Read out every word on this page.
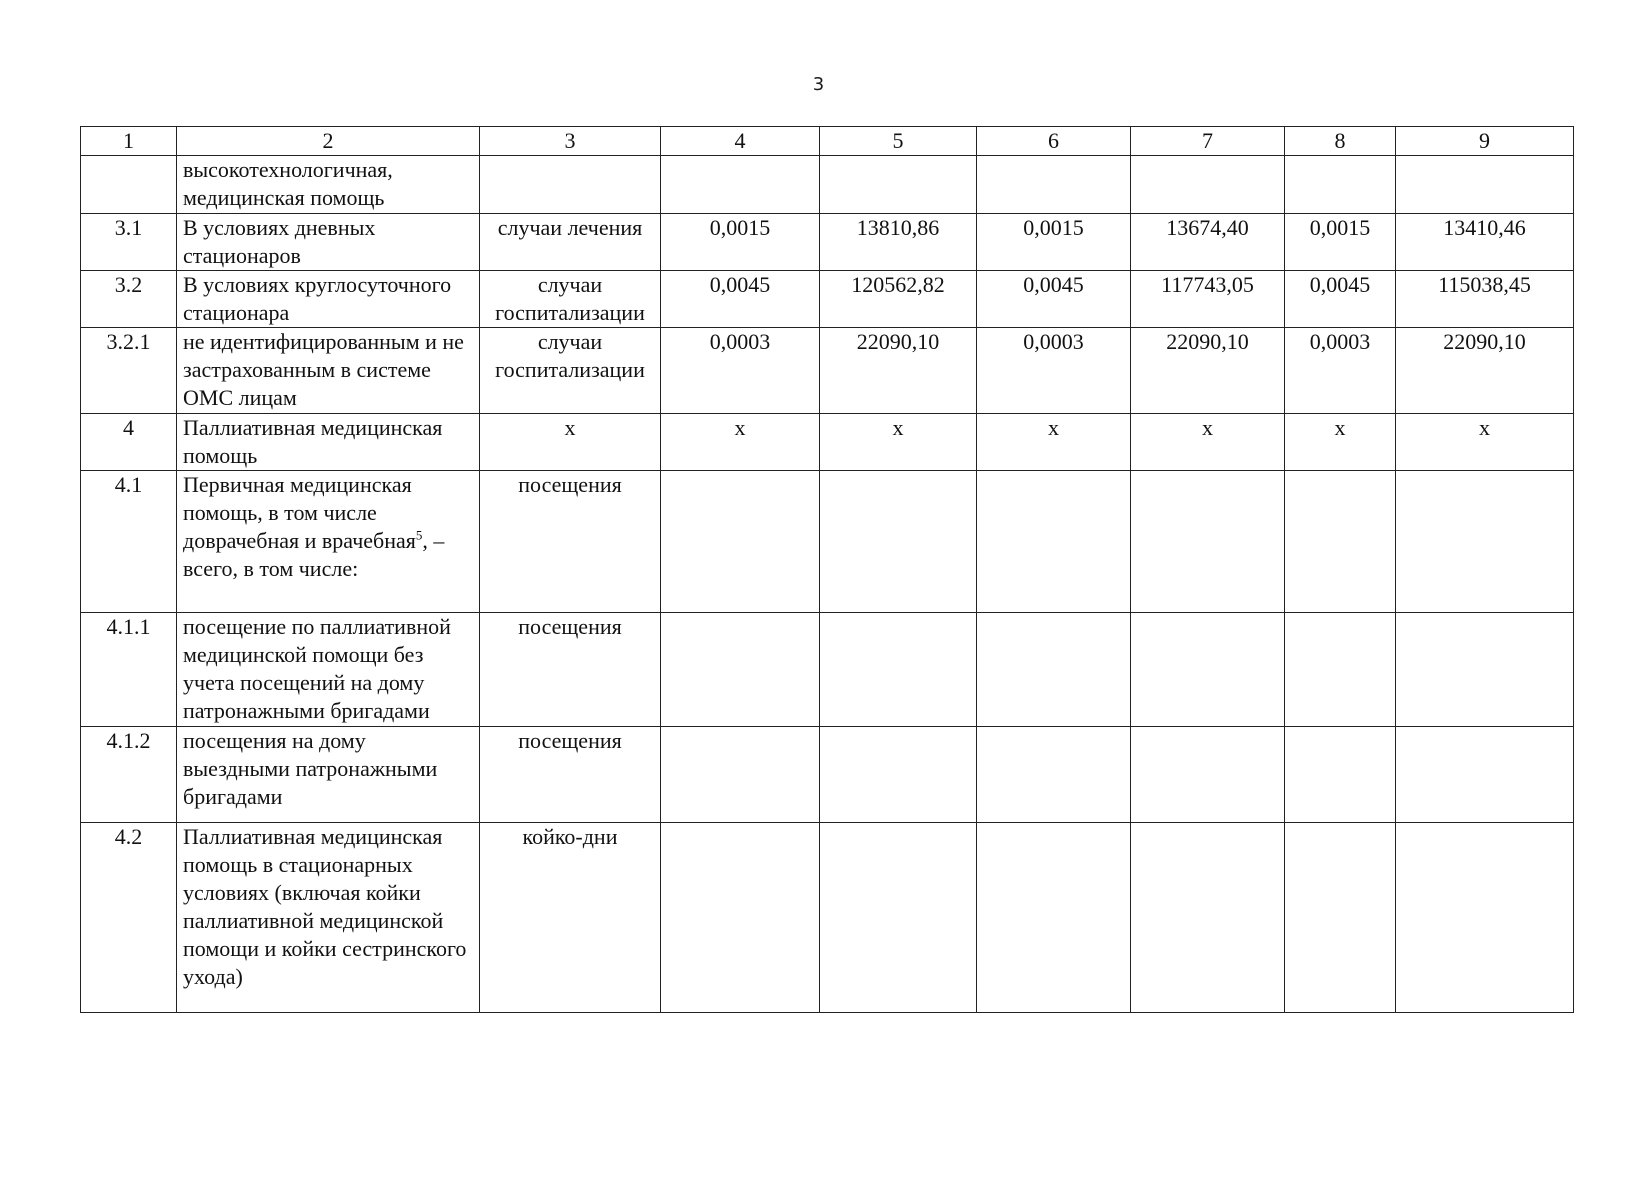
3
1	2	3	4	5	6	7	8	9
	высокотехнологичная, медицинская помощь							
3.1	В условиях дневных стационаров	случаи лечения	0,0015	13810,86	0,0015	13674,40	0,0015	13410,46
3.2	В условиях круглосуточного стационара	случаи госпитализации	0,0045	120562,82	0,0045	117743,05	0,0045	115038,45
3.2.1	не идентифицированным и не застрахованным в системе ОМС лицам	случаи госпитализации	0,0003	22090,10	0,0003	22090,10	0,0003	22090,10
4	Паллиативная медицинская помощь	х	х	х	х	х	х	х
4.1	Первичная медицинская помощь, в том числе доврачебная и врачебная$^5$, – всего, в том числе:	посещения						
4.1.1	посещение по паллиативной медицинской помощи без учета посещений на дому патронажными бригадами	посещения						
4.1.2	посещения на дому выездными патронажными бригадами	посещения						
4.2	Паллиативная медицинская помощь в стационарных условиях (включая койки паллиативной медицинской помощи и койки сестринского ухода)	койко-дни						
